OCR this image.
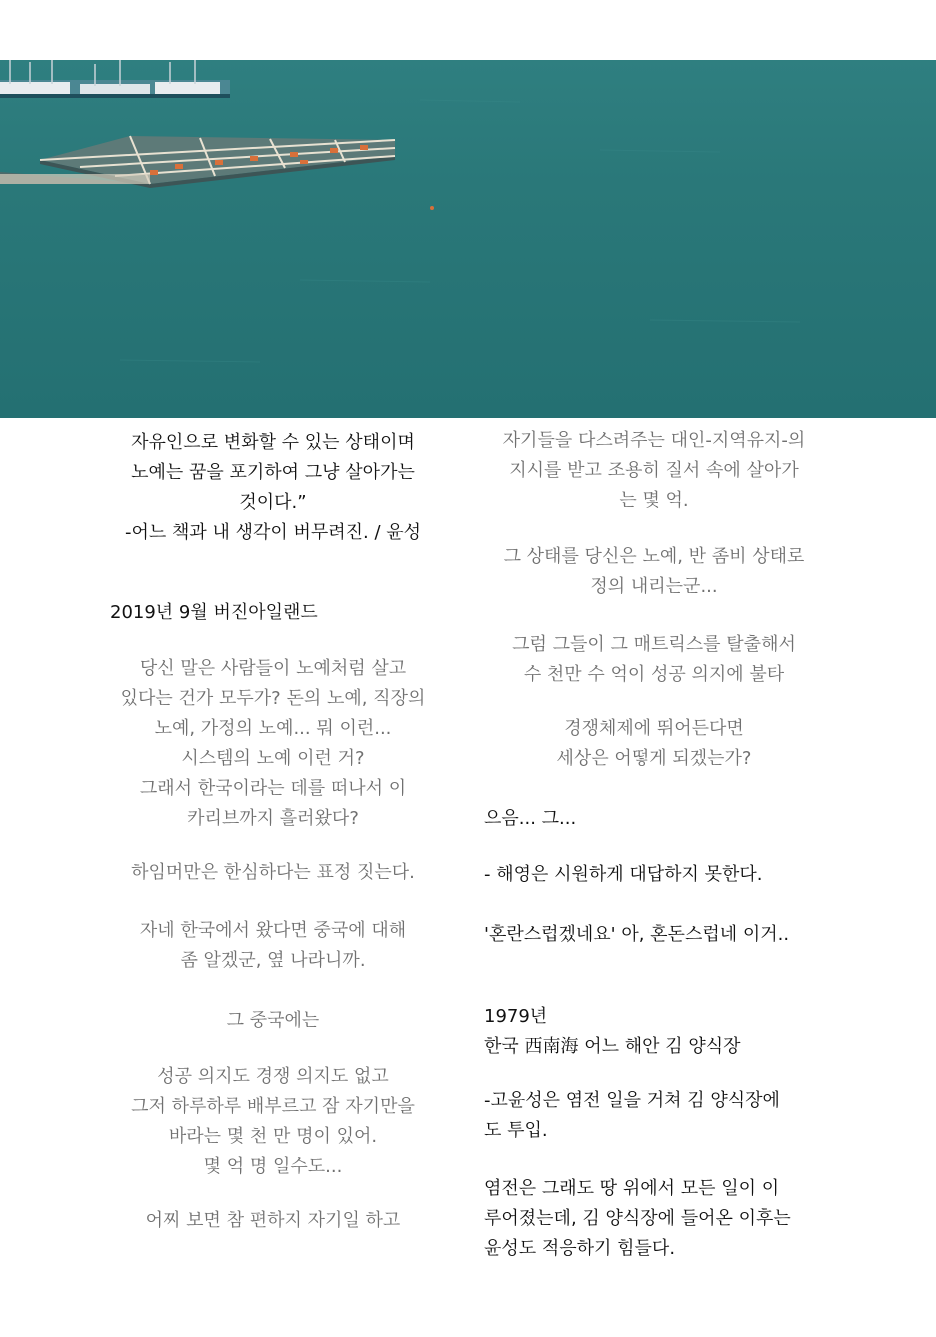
자유인으로 변화할 수 있는 상태이며
노예는 꿈을 포기하여 그냥 살아가는
것이다.”
-어느 책과 내 생각이 버무려진. / 윤성

2019년 9월 버진아일랜드

당신 말은 사람들이 노예처럼 살고
있다는 건가 모두가? 돈의 노예, 직장의
노예, 가정의 노예... 뭐 이런...
시스템의 노예 이런 거?
그래서 한국이라는 데를 떠나서 이
카리브까지 흘러왔다?

하임머만은 한심하다는 표정 짓는다.

자네 한국에서 왔다면 중국에 대해
좀 알겠군, 옆 나라니까.

그 중국에는

성공 의지도 경쟁 의지도 없고
그저 하루하루 배부르고 잠 자기만을
바라는 몇 천 만 명이 있어.
몇 억 명 일수도...

어찌 보면 참 편하지 자기일 하고

자기들을 다스려주는 대인-지역유지-의
지시를 받고 조용히 질서 속에 살아가
는 몇 억.

그 상태를 당신은 노예, 반 좀비 상태로
정의 내리는군...

그럼 그들이 그 매트릭스를 탈출해서
수 천만 수 억이 성공 의지에 불타

경쟁체제에 뛰어든다면
세상은 어떻게 되겠는가?

으음... 그...

- 해영은 시원하게 대답하지 못한다.

'혼란스럽겠네요' 아, 혼돈스럽네 이거..

1979년
한국 西南海 어느 해안 김 양식장

-고윤성은 염전 일을 거쳐 김 양식장에
도 투입.

염전은 그래도 땅 위에서 모든 일이 이
루어졌는데, 김 양식장에 들어온 이후는
윤성도 적응하기 힘들다.
